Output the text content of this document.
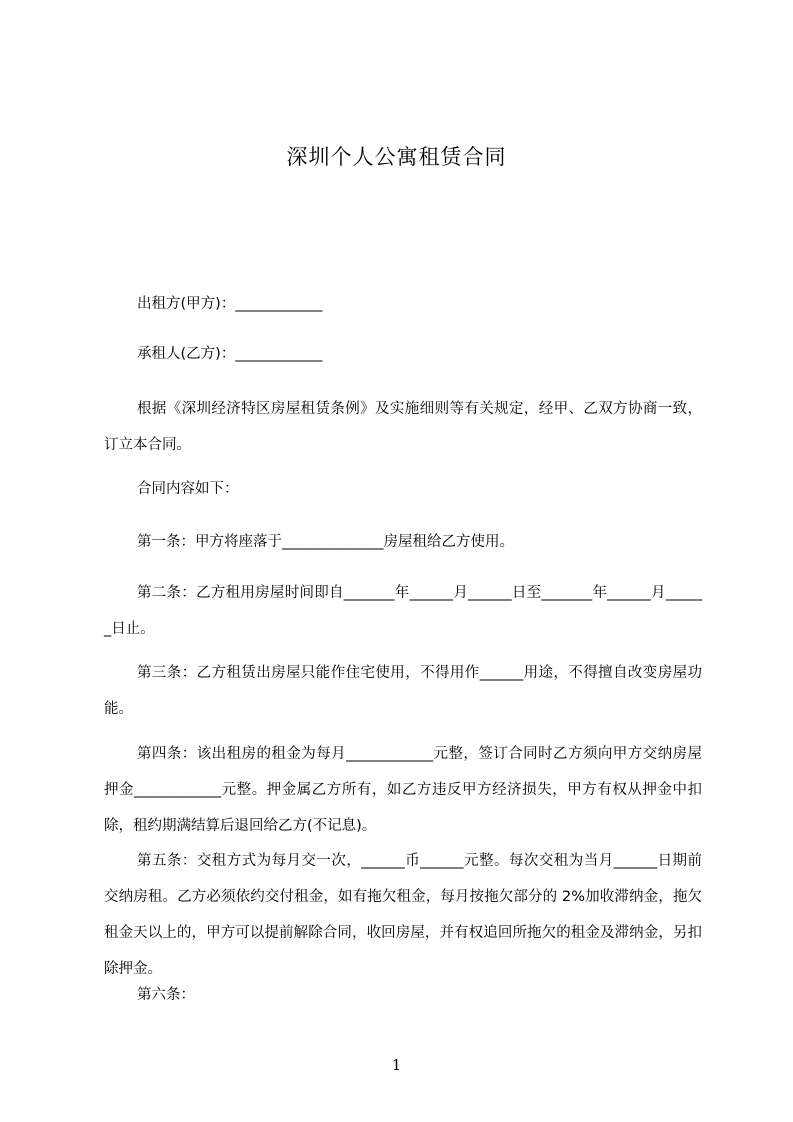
深圳个人公寓租赁合同
出租方(甲方)：____________
承租人(乙方)：____________
根据《深圳经济特区房屋租赁条例》及实施细则等有关规定，经甲、乙双方协商一致，订立本合同。
合同内容如下：
第一条：甲方将座落于______________房屋租给乙方使用。
第二条：乙方租用房屋时间即自_______年______月______日至_______年______月______日止。
第三条：乙方租赁出房屋只能作住宅使用，不得用作______用途，不得擅自改变房屋功能。
第四条：该出租房的租金为每月____________元整，签订合同时乙方须向甲方交纳房屋押金____________元整。押金属乙方所有，如乙方违反甲方经济损失，甲方有权从押金中扣除，租约期满结算后退回给乙方(不记息)。
第五条：交租方式为每月交一次，______币______元整。每次交租为当月______日期前交纳房租。乙方必须依约交付租金，如有拖欠租金，每月按拖欠部分的 2%加收滞纳金，拖欠租金天以上的，甲方可以提前解除合同，收回房屋，并有权追回所拖欠的租金及滞纳金，另扣除押金。
第六条：
1
